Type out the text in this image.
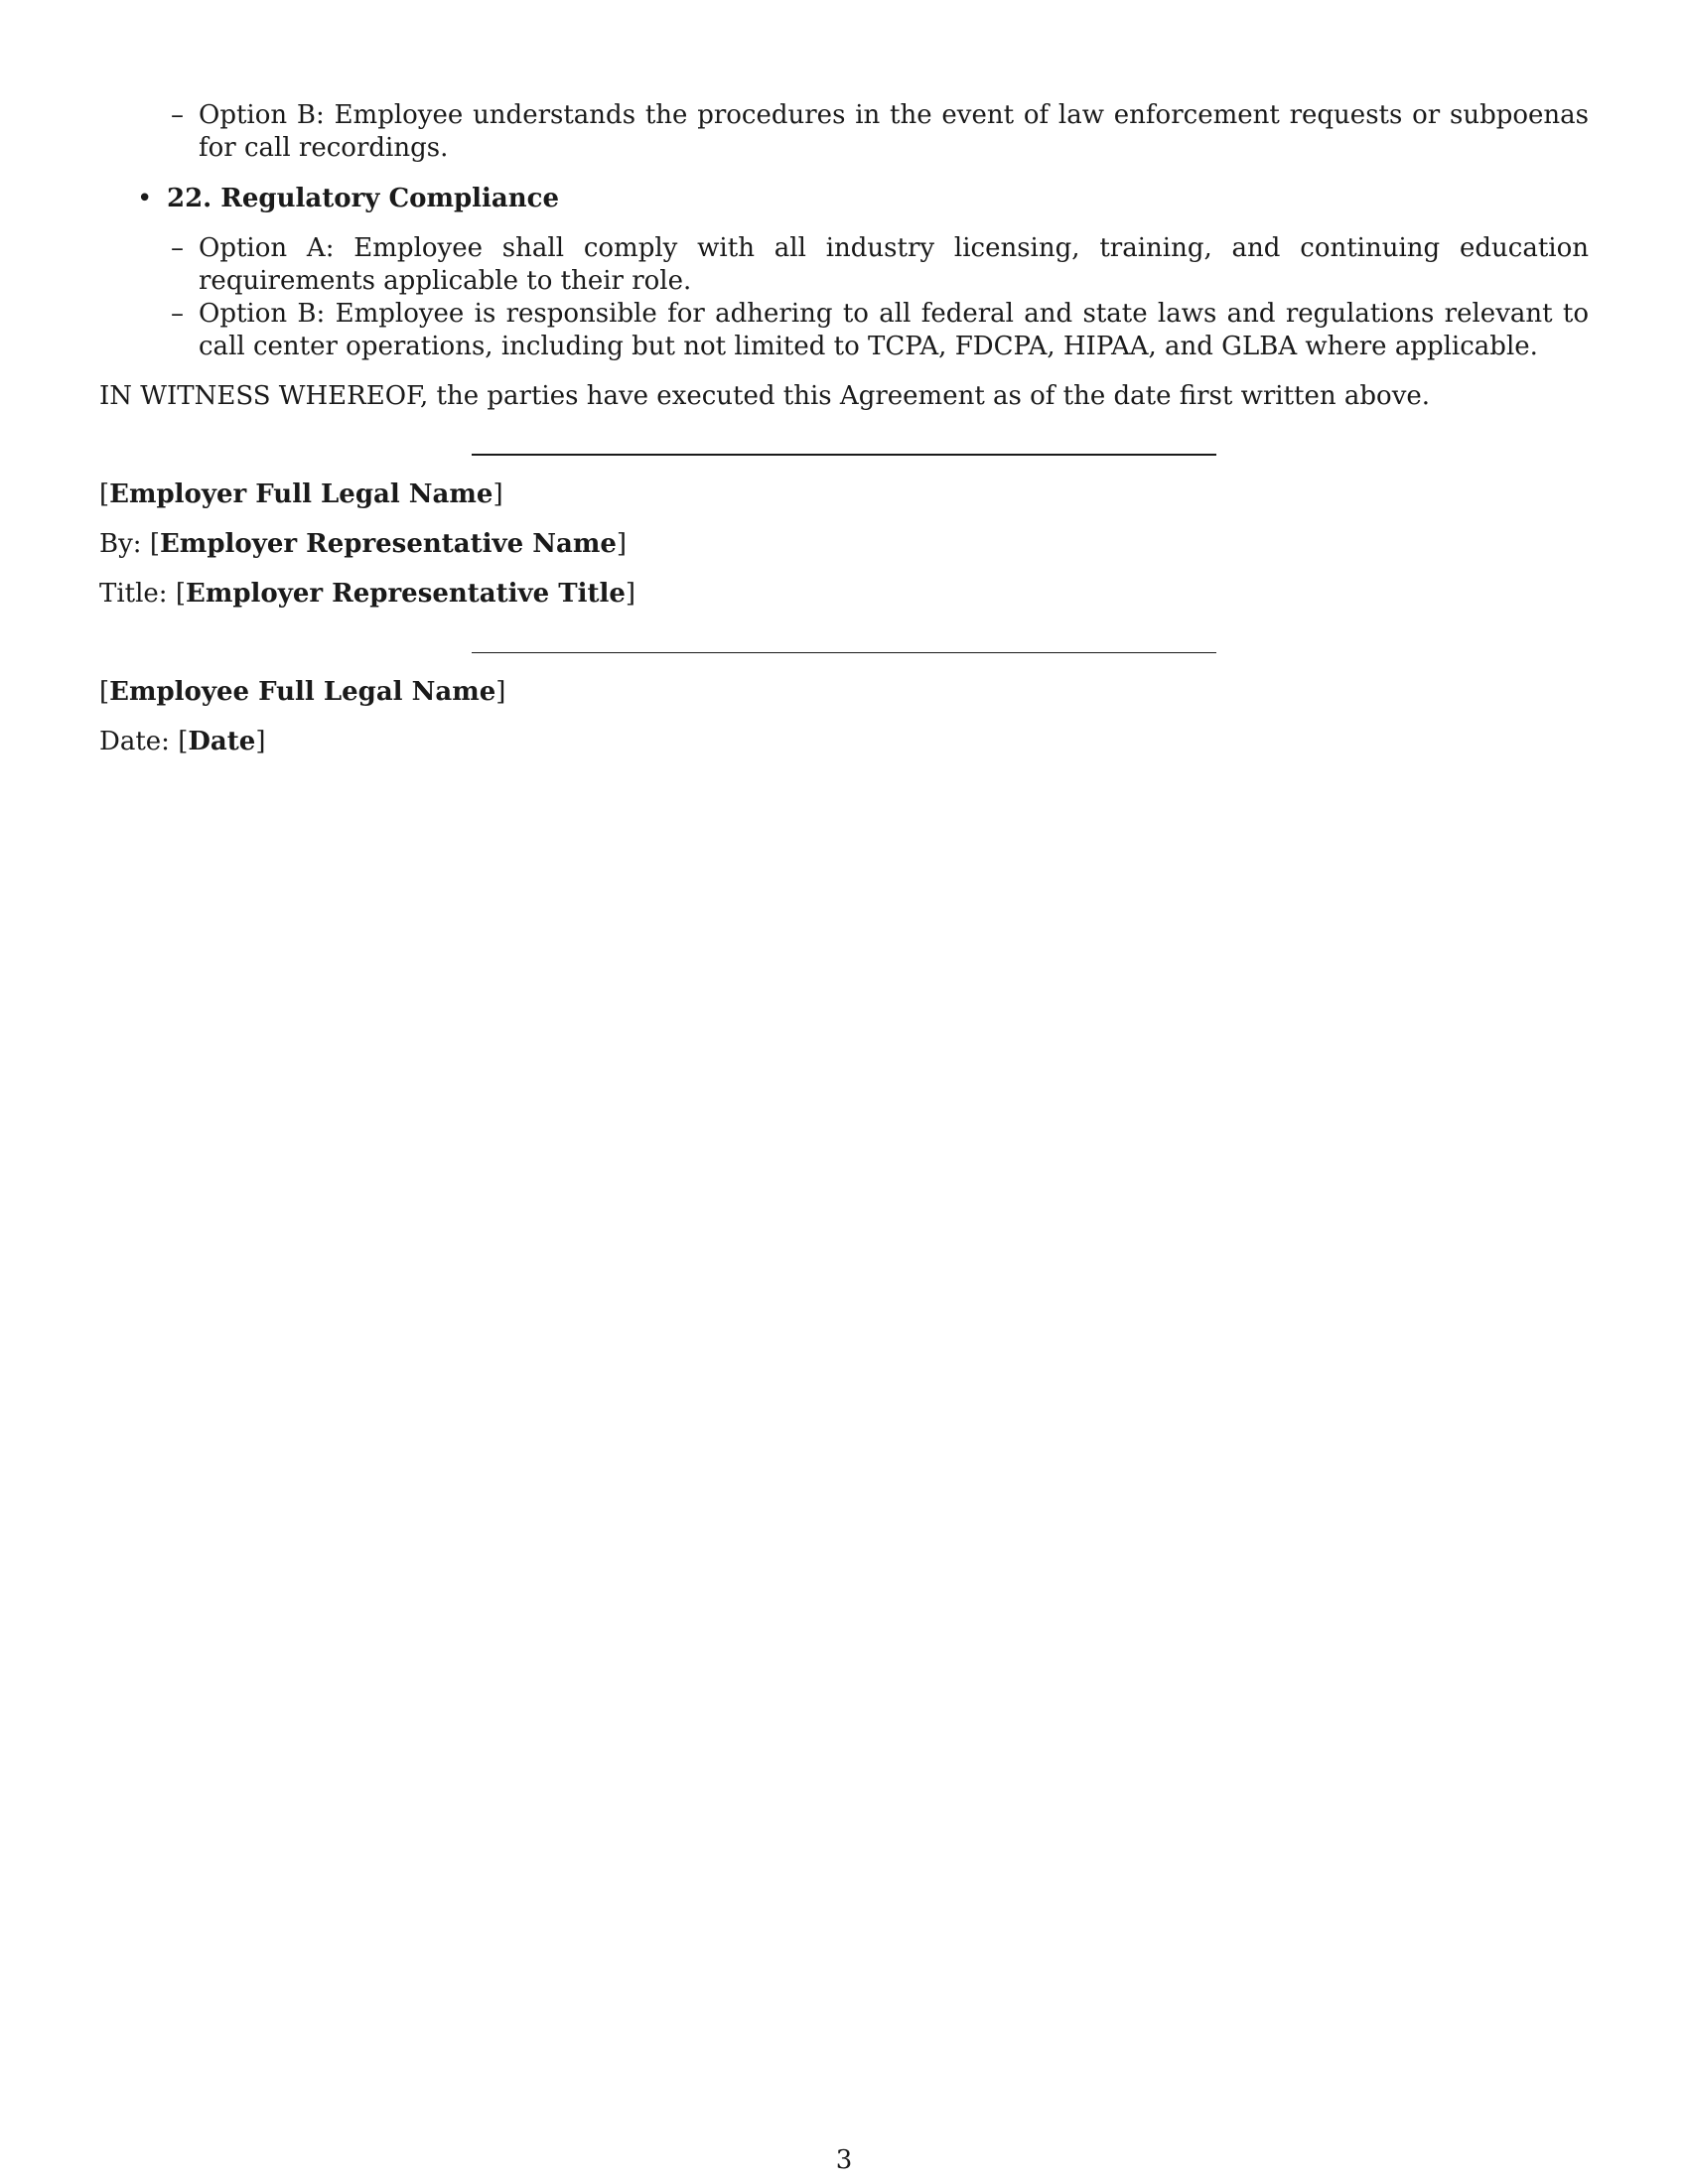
– Option B: Employee understands the procedures in the event of law enforcement requests or subpoenas for call recordings.
• 22. Regulatory Compliance
– Option A: Employee shall comply with all industry licensing, training, and continuing education requirements applicable to their role.
– Option B: Employee is responsible for adhering to all federal and state laws and regulations relevant to call center operations, including but not limited to TCPA, FDCPA, HIPAA, and GLBA where applicable.
IN WITNESS WHEREOF, the parties have executed this Agreement as of the date first written above.
[Employer Full Legal Name]
By: [Employer Representative Name]
Title: [Employer Representative Title]
[Employee Full Legal Name]
Date: [Date]
3
